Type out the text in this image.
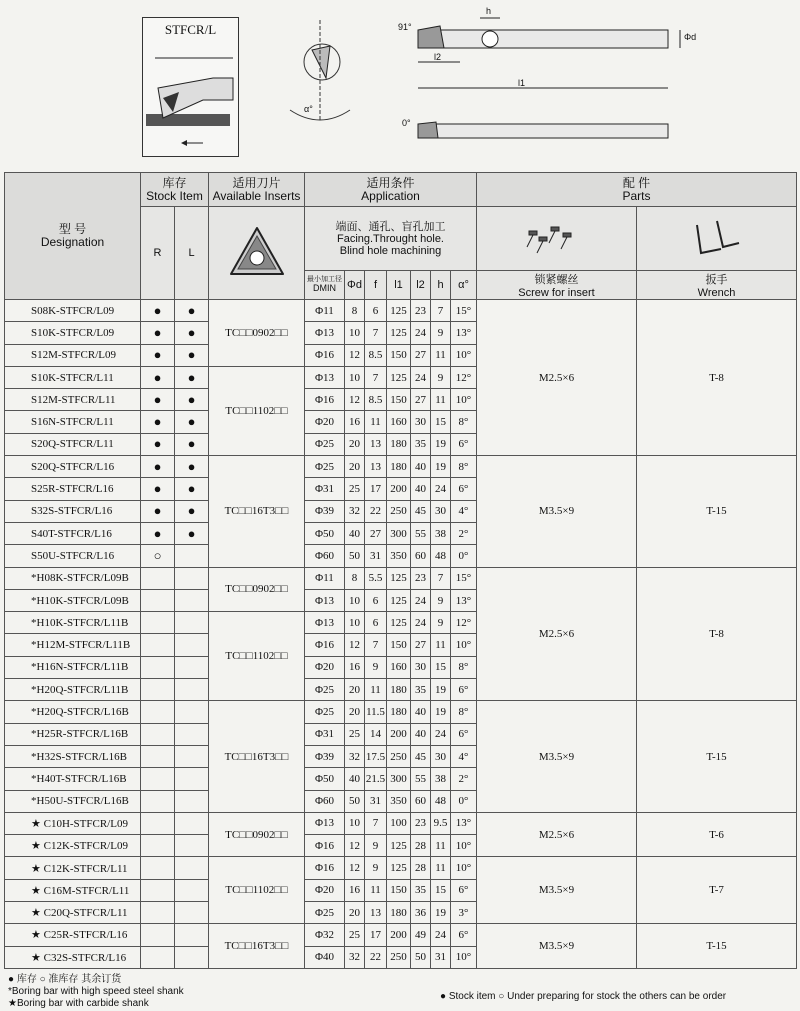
STFCR/L	91°
h
Φd
l2
l1
α°
0°
型 号
Designation	库存
Stock Item		适用刀片
Available Inserts	适用条件
Application							配 件
Parts	
	R	L		端面、通孔、盲孔加工
Facing.Throught hole.
Blind hole machining		
				最小加工径
DMIN	Φd	f	l1	l2	h	α°	锁紧螺丝
Screw for insert	扳手
Wrench
S08K-STFCR/L09	●	●	TC□□0902□□	Φ11	8	6	125	23	7	15°	M2.5×6	T-8
S10K-STFCR/L09	●	●		Φ13	10	7	125	24	9	13°		
S12M-STFCR/L09	●	●		Φ16	12	8.5	150	27	11	10°		
S10K-STFCR/L11	●	●	TC□□1102□□	Φ13	10	7	125	24	9	12°		
S12M-STFCR/L11	●	●		Φ16	12	8.5	150	27	11	10°		
S16N-STFCR/L11	●	●		Φ20	16	11	160	30	15	8°		
S20Q-STFCR/L11	●	●		Φ25	20	13	180	35	19	6°		
S20Q-STFCR/L16	●	●	TC□□16T3□□	Φ25	20	13	180	40	19	8°	M3.5×9	T-15
S25R-STFCR/L16	●	●		Φ31	25	17	200	40	24	6°		
S32S-STFCR/L16	●	●		Φ39	32	22	250	45	30	4°		
S40T-STFCR/L16	●	●		Φ50	40	27	300	55	38	2°		
S50U-STFCR/L16	○			Φ60	50	31	350	60	48	0°		
*H08K-STFCR/L09B			TC□□0902□□	Φ11	8	5.5	125	23	7	15°	M2.5×6	T-8
*H10K-STFCR/L09B				Φ13	10	6	125	24	9	13°		
*H10K-STFCR/L11B			TC□□1102□□	Φ13	10	6	125	24	9	12°		
*H12M-STFCR/L11B				Φ16	12	7	150	27	11	10°		
*H16N-STFCR/L11B				Φ20	16	9	160	30	15	8°		
*H20Q-STFCR/L11B				Φ25	20	11	180	35	19	6°		
*H20Q-STFCR/L16B			TC□□16T3□□	Φ25	20	11.5	180	40	19	8°	M3.5×9	T-15
*H25R-STFCR/L16B				Φ31	25	14	200	40	24	6°		
*H32S-STFCR/L16B				Φ39	32	17.5	250	45	30	4°		
*H40T-STFCR/L16B				Φ50	40	21.5	300	55	38	2°		
*H50U-STFCR/L16B				Φ60	50	31	350	60	48	0°		
★ C10H-STFCR/L09			TC□□0902□□	Φ13	10	7	100	23	9.5	13°	M2.5×6	T-6
★ C12K-STFCR/L09				Φ16	12	9	125	28	11	10°		
★ C12K-STFCR/L11			TC□□1102□□	Φ16	12	9	125	28	11	10°	M3.5×9	T-7
★ C16M-STFCR/L11				Φ20	16	11	150	35	15	6°		
★ C20Q-STFCR/L11				Φ25	20	13	180	36	19	3°		
★ C25R-STFCR/L16			TC□□16T3□□	Φ32	25	17	200	49	24	6°	M3.5×9	T-15
★ C32S-STFCR/L16				Φ40	32	22	250	50	31	10°		
● 库存 ○ 准库存 其余订货
*Boring bar with high speed steel shank
★Boring bar with carbide shank
● Stock item ○ Under preparing for stock the others can be order
